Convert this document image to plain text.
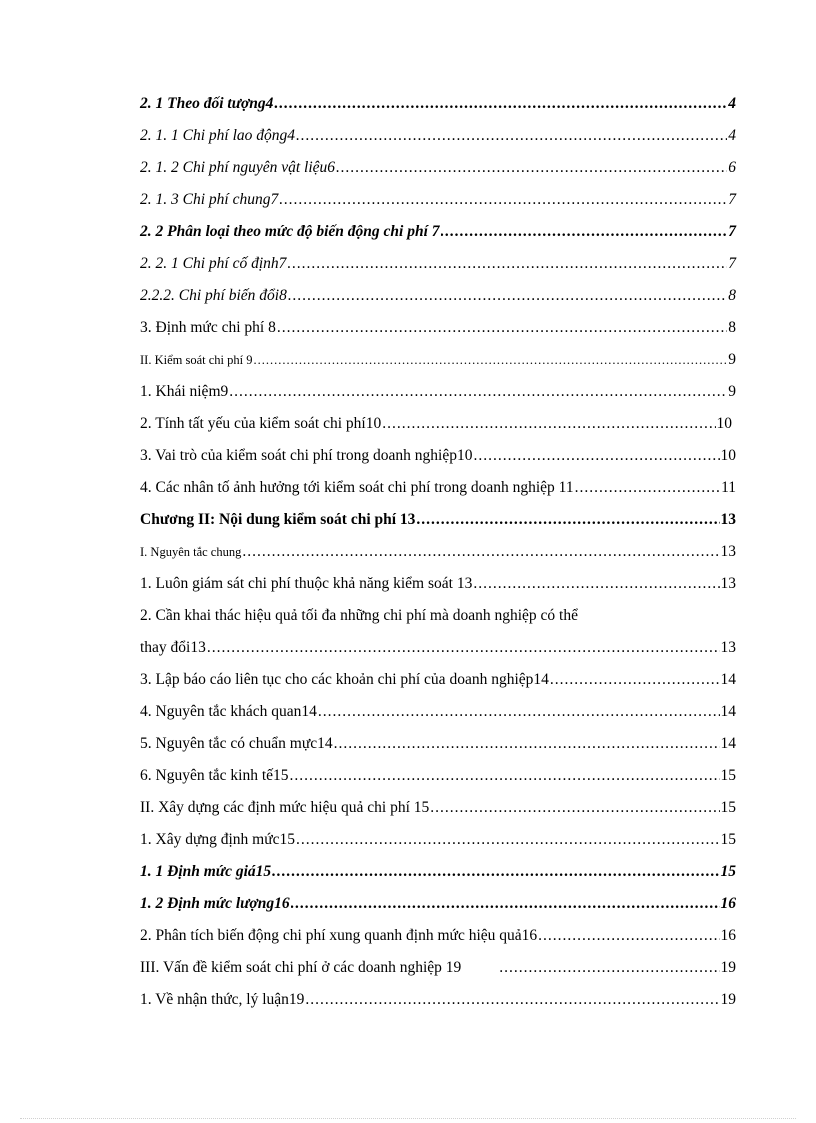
2. 1 Theo đối tượng4 .....	4
2. 1. 1 Chi phí lao động4 .....	4
2. 1. 2 Chi phí nguyên vật liệu6 .....	6
2. 1. 3 Chi phí chung7 .....	7
2. 2 Phân loại theo mức độ biến động chi phí 7 .....	7
2. 2. 1 Chi phí cố định7 .....	7
2.2.2. Chi phí biến đổi8 .....	8
3. Định mức chi phí 8 .....	8
II. Kiểm soát chi phí 9 .....	9
1. Khái niệm9 .....	9
2. Tính tất yếu của kiểm soát chi phí10 .....	10
3. Vai trò của kiểm soát chi phí trong doanh nghiệp10 .....	10
4. Các nhân tố ảnh hưởng tới kiểm soát chi phí trong doanh nghiệp 11 .....	11
Chương II: Nội dung kiểm soát chi phí 13 .....	13
I. Nguyên tắc chung .....	13
1. Luôn giám sát chi phí thuộc khả năng kiểm soát 13 .....	13
2. Cần khai thác hiệu quả tối đa những chi phí mà doanh nghiệp có thể
thay đổi13 .....	13
3. Lập báo cáo liên tục cho các khoản chi phí của doanh nghiệp14 .....	14
4. Nguyên tắc khách quan14 .....	14
5. Nguyên tắc có chuẩn mực14 .....	14
6. Nguyên tắc kinh tế15 .....	15
II. Xây dựng các định mức hiệu quả chi phí 15 .....	15
1. Xây dựng định mức15 .....	15
1. 1 Định mức giá15 .....	15
1. 2 Định mức lượng16 .....	16
2. Phân tích biến động chi phí xung quanh định mức hiệu quả16 .....	16
III. Vấn đề kiểm soát chi phí ở các doanh nghiệp 19 .....	19
1. Về nhận thức, lý luận19 .....	19
